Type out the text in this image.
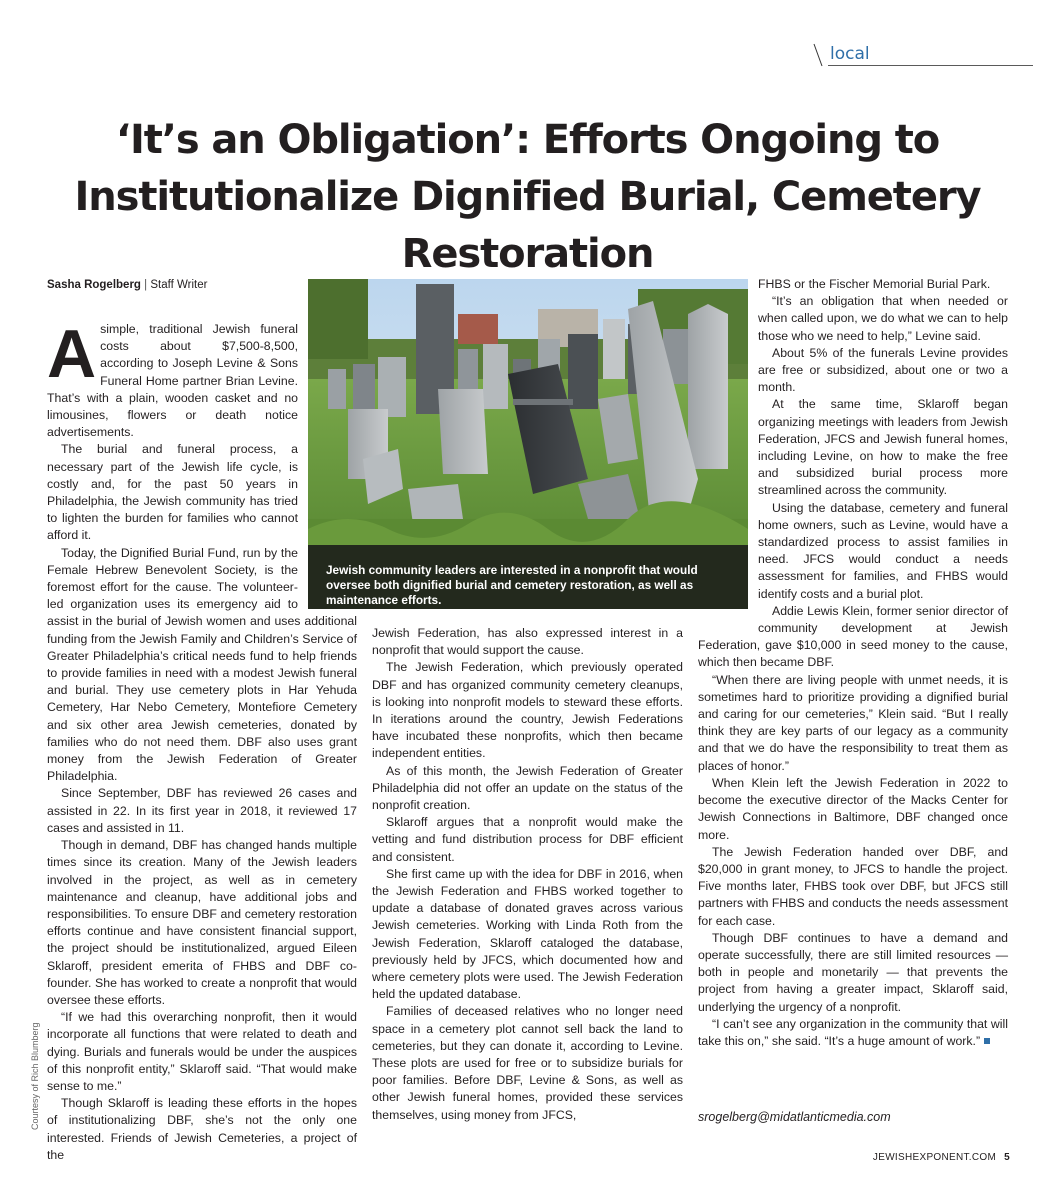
local
‘It’s an Obligation’: Efforts Ongoing to Institutionalize Dignified Burial, Cemetery Restoration
Sasha Rogelberg | Staff Writer

Asimple, traditional Jewish funeral costs about $7,500-8,500, according to Joseph Levine & Sons Funeral Home partner Brian Levine. That’s with a plain, wooden casket and no limousines, flowers or death notice advertisements.

The burial and funeral process, a necessary part of the Jewish life cycle, is costly and, for the past 50 years in Philadelphia, the Jewish community has tried to lighten the burden for families who cannot afford it.

Today, the Dignified Burial Fund, run by the Female Hebrew Benevolent Society, is the foremost effort for the cause. The volunteer-led organization uses its emergency aid to assist in the burial of Jewish women and uses additional funding from the Jewish Family and Children’s Service of Greater Philadelphia’s critical needs fund to help friends to provide families in need with a modest Jewish funeral and burial. They use cemetery plots in Har Yehuda Cemetery, Har Nebo Cemetery, Montefiore Cemetery and six other area Jewish cemeteries, donated by families who do not need them. DBF also uses grant money from the Jewish Federation of Greater Philadelphia.

Since September, DBF has reviewed 26 cases and assisted in 22. In its first year in 2018, it reviewed 17 cases and assisted in 11.

Though in demand, DBF has changed hands multiple times since its creation. Many of the Jewish leaders involved in the project, as well as in cemetery maintenance and cleanup, have additional jobs and responsibilities. To ensure DBF and cemetery restoration efforts continue and have consistent financial support, the project should be institutionalized, argued Eileen Sklaroff, president emerita of FHBS and DBF co-founder. She has worked to create a nonprofit that would oversee these efforts.

“If we had this overarching nonprofit, then it would incorporate all functions that were related to death and dying. Burials and funerals would be under the auspices of this nonprofit entity,” Sklaroff said. “That would make sense to me.”

Though Sklaroff is leading these efforts in the hopes of institutionalizing DBF, she’s not the only one interested. Friends of Jewish Cemeteries, a project of the

Jewish Federation, has also expressed interest in a nonprofit that would support the cause.

The Jewish Federation, which previously operated DBF and has organized community cemetery cleanups, is looking into nonprofit models to steward these efforts. In iterations around the country, Jewish Federations have incubated these nonprofits, which then became independent entities.

As of this month, the Jewish Federation of Greater Philadelphia did not offer an update on the status of the nonprofit creation.

Sklaroff argues that a nonprofit would make the vetting and fund distribution process for DBF efficient and consistent.

She first came up with the idea for DBF in 2016, when the Jewish Federation and FHBS worked together to update a database of donated graves across various Jewish cemeteries. Working with Linda Roth from the Jewish Federation, Sklaroff cataloged the database, previously held by JFCS, which documented how and where cemetery plots were used. The Jewish Federation held the updated database.

Families of deceased relatives who no longer need space in a cemetery plot cannot sell back the land to cemeteries, but they can donate it, according to Levine. These plots are used for free or to subsidize burials for poor families. Before DBF, Levine & Sons, as well as other Jewish funeral homes, provided these services themselves, using money from JFCS,

FHBS or the Fischer Memorial Burial Park.

“It’s an obligation that when needed or when called upon, we do what we can to help those who we need to help,” Levine said.

About 5% of the funerals Levine provides are free or subsidized, about one or two a month.

At the same time, Sklaroff began organizing meetings with leaders from Jewish Federation, JFCS and Jewish funeral homes, including Levine, on how to make the free and subsidized burial process more streamlined across the community.

Using the database, cemetery and funeral home owners, such as Levine, would have a standardized process to assist families in need. JFCS would conduct a needs assessment for families, and FHBS would identify costs and a burial plot.

Addie Lewis Klein, former senior director of community development at Jewish Federation, gave $10,000 in seed money to the cause, which then became DBF.

“When there are living people with unmet needs, it is sometimes hard to prioritize providing a dignified burial and caring for our cemeteries,” Klein said. “But I really think they are key parts of our legacy as a community and that we do have the responsibility to treat them as places of honor.”

When Klein left the Jewish Federation in 2022 to become the executive director of the Macks Center for Jewish Connections in Baltimore, DBF changed once more.

The Jewish Federation handed over DBF, and $20,000 in grant money, to JFCS to handle the project. Five months later, FHBS took over DBF, but JFCS still partners with FHBS and conducts the needs assessment for each case.

Though DBF continues to have a demand and operate successfully, there are still limited resources — both in people and monetarily — that prevents the project from having a greater impact, Sklaroff said, underlying the urgency of a nonprofit.

“I can’t see any organization in the community that will take this on,” she said. “It’s a huge amount of work.”

srogelberg@midatlanticmedia.com
Jewish community leaders are interested in a nonprofit that would oversee both dignified burial and cemetery restoration, as well as maintenance efforts.
Courtesy of Rich Blumberg
JEWISHEXPONENT.COM 5
